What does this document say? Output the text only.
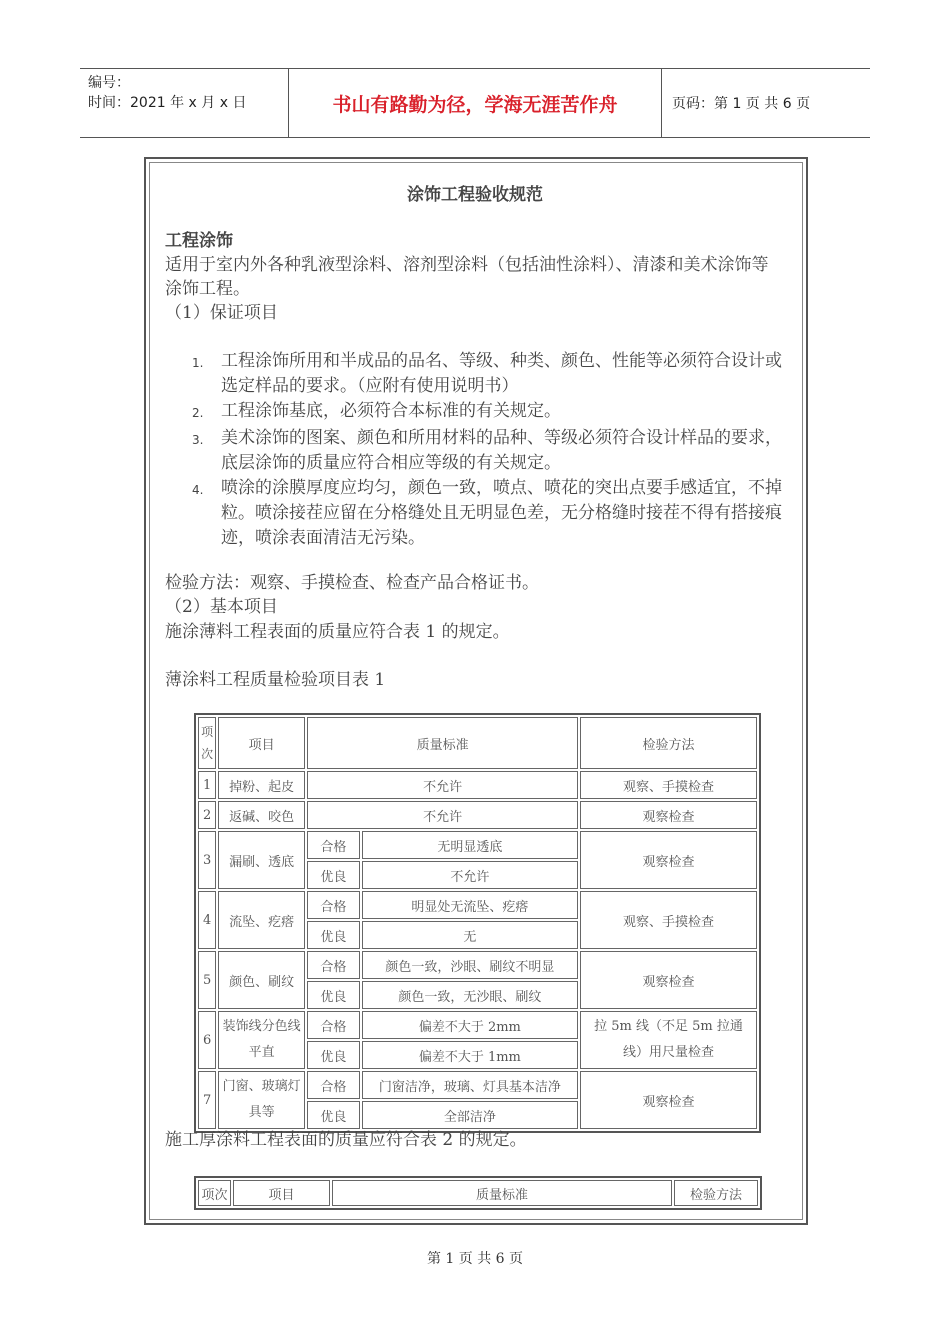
编号：
时间：2021 年 x 月 x 日	书山有路勤为径，学海无涯苦作舟	页码：第 1 页 共 6 页
涂饰工程验收规范
工程涂饰
适用于室内外各种乳液型涂料、溶剂型涂料（包括油性涂料）、清漆和美术涂饰等涂饰工程。
（1）保证项目
1.	工程涂饰所用和半成品的品名、等级、种类、颜色、性能等必须符合设计或选定样品的要求。（应附有使用说明书）
2.	工程涂饰基底，必须符合本标准的有关规定。
3.	美术涂饰的图案、颜色和所用材料的品种、等级必须符合设计样品的要求，底层涂饰的质量应符合相应等级的有关规定。
4.	喷涂的涂膜厚度应均匀，颜色一致，喷点、喷花的突出点要手感适宜，不掉粒。喷涂接茬应留在分格缝处且无明显色差，无分格缝时接茬不得有搭接痕迹，喷涂表面清洁无污染。
检验方法：观察、手摸检查、检查产品合格证书。
（2）基本项目
施涂薄料工程表面的质量应符合表 1 的规定。
薄涂料工程质量检验项目表 1
项次	项目	质量标准		检验方法
1	掉粉、起皮	不允许		观察、手摸检查
2	返碱、咬色	不允许		观察检查
3	漏刷、透底	合格	无明显透底	观察检查
		优良	不允许	
4	流坠、疙瘩	合格	明显处无流坠、疙瘩	观察、手摸检查
		优良	无	
5	颜色、刷纹	合格	颜色一致，沙眼、刷纹不明显	观察检查
		优良	颜色一致，无沙眼、刷纹	
6	装饰线分色线平直	合格	偏差不大于 2mm	拉 5m 线（不足 5m 拉通线）用尺量检查
		优良	偏差不大于 1mm	
7	门窗、玻璃灯具等	合格	门窗洁净，玻璃、灯具基本洁净	观察检查
		优良	全部洁净	
施工厚涂料工程表面的质量应符合表 2 的规定。
项次	项目	质量标准	检验方法
第 1 页 共 6 页
